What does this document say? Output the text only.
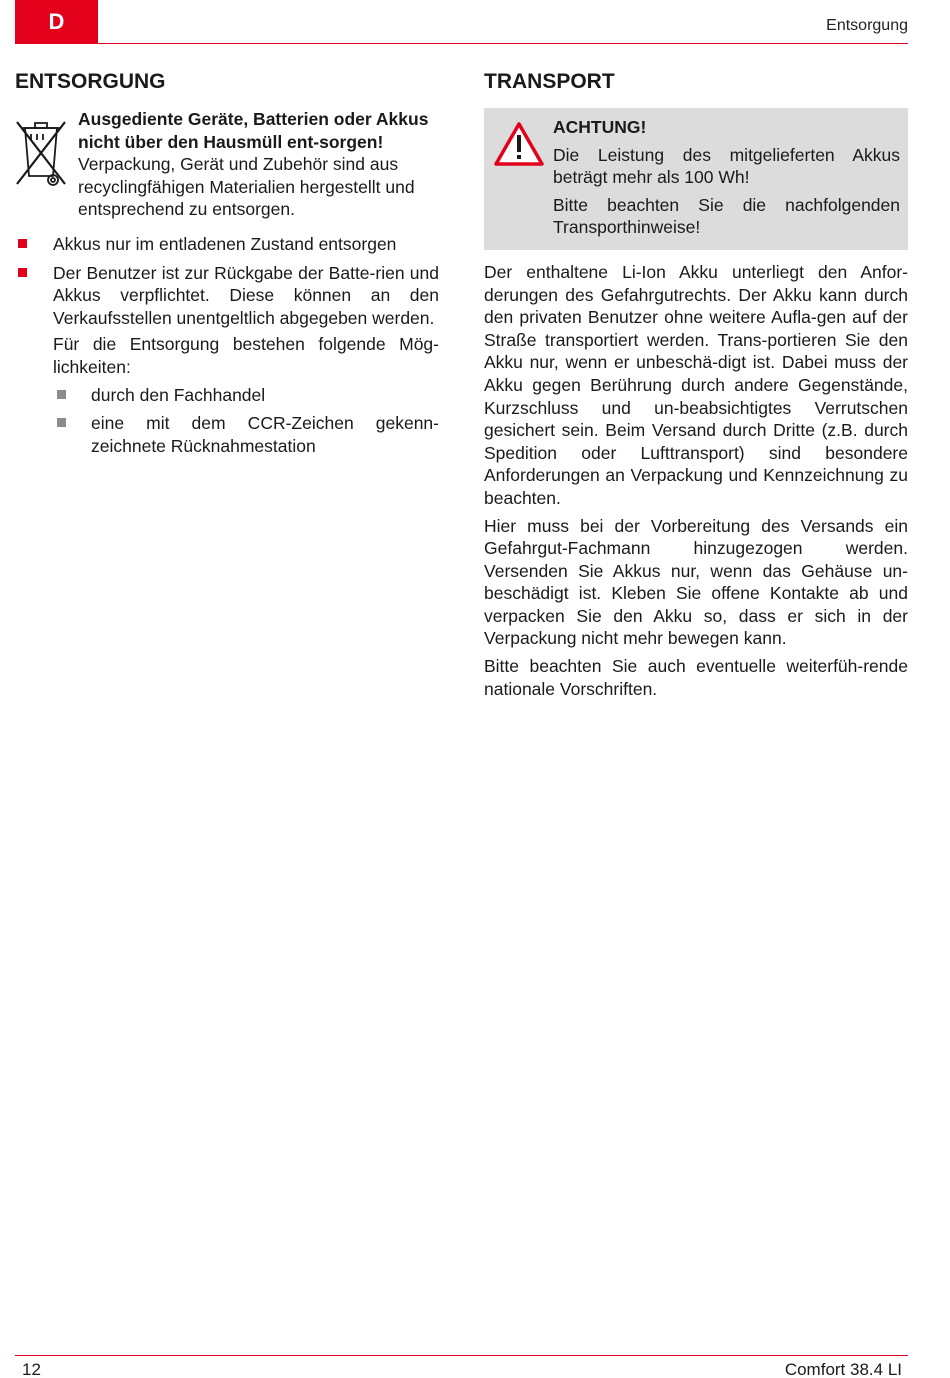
D	Entsorgung
ENTSORGUNG
Ausgediente Geräte, Batterien oder Akkus nicht über den Hausmüll ent-sorgen!
Verpackung, Gerät und Zubehör sind aus recyclingfähigen Materialien hergestellt und entsprechend zu entsorgen.
Akkus nur im entladenen Zustand entsorgen
Der Benutzer ist zur Rückgabe der Batte-rien und Akkus verpflichtet. Diese können an den Verkaufsstellen unentgeltlich abgegeben werden.

Für die Entsorgung bestehen folgende Mög-lichkeiten:

durch den Fachhandel
eine mit dem CCR-Zeichen gekenn-zeichnete Rücknahmestation
TRANSPORT
ACHTUNG!

Die Leistung des mitgelieferten Akkus beträgt mehr als 100 Wh!

Bitte beachten Sie die nachfolgenden Transporthinweise!

Der enthaltene Li-Ion Akku unterliegt den Anfor-derungen des Gefahrgutrechts. Der Akku kann durch den privaten Benutzer ohne weitere Aufla-gen auf der Straße transportiert werden. Trans-portieren Sie den Akku nur, wenn er unbeschä-digt ist. Dabei muss der Akku gegen Berührung durch andere Gegenstände, Kurzschluss und un-beabsichtigtes Verrutschen gesichert sein. Beim Versand durch Dritte (z.B. durch Spedition oder Lufttransport) sind besondere Anforderungen an Verpackung und Kennzeichnung zu beachten.

Hier muss bei der Vorbereitung des Versands ein Gefahrgut-Fachmann hinzugezogen werden. Versenden Sie Akkus nur, wenn das Gehäuse un-beschädigt ist. Kleben Sie offene Kontakte ab und verpacken Sie den Akku so, dass er sich in der Verpackung nicht mehr bewegen kann.

Bitte beachten Sie auch eventuelle weiterfüh-rende nationale Vorschriften.

12	Comfort 38.4 LI
